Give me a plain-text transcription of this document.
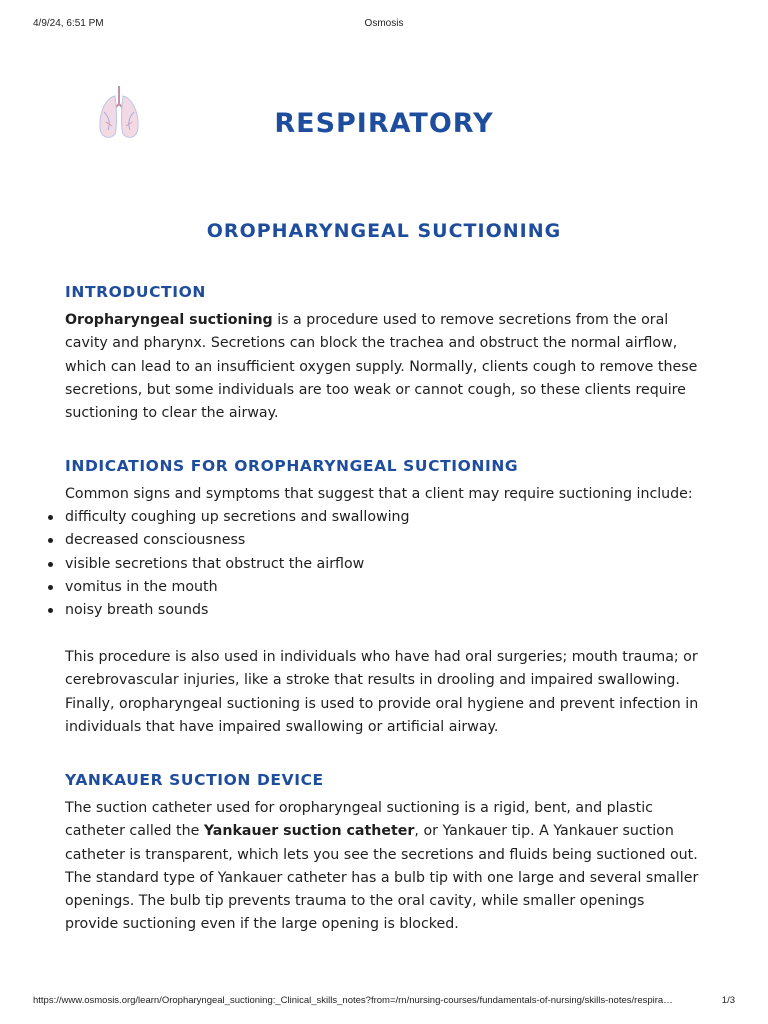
4/9/24, 6:51 PM	Osmosis
RESPIRATORY
OROPHARYNGEAL SUCTIONING
INTRODUCTION

Oropharyngeal suctioning is a procedure used to remove secretions from the oral cavity and pharynx. Secretions can block the trachea and obstruct the normal airflow, which can lead to an insufficient oxygen supply. Normally, clients cough to remove these secretions, but some individuals are too weak or cannot cough, so these clients require suctioning to clear the airway.

INDICATIONS FOR OROPHARYNGEAL SUCTIONING

Common signs and symptoms that suggest that a client may require suctioning include:

difficulty coughing up secretions and swallowing
decreased consciousness
visible secretions that obstruct the airflow
vomitus in the mouth
noisy breath sounds

This procedure is also used in individuals who have had oral surgeries; mouth trauma; or cerebrovascular injuries, like a stroke that results in drooling and impaired swallowing. Finally, oropharyngeal suctioning is used to provide oral hygiene and prevent infection in individuals that have impaired swallowing or artificial airway.

YANKAUER SUCTION DEVICE

The suction catheter used for oropharyngeal suctioning is a rigid, bent, and plastic catheter called the Yankauer suction catheter, or Yankauer tip. A Yankauer suction catheter is transparent, which lets you see the secretions and fluids being suctioned out. The standard type of Yankauer catheter has a bulb tip with one large and several smaller openings. The bulb tip prevents trauma to the oral cavity, while smaller openings provide suctioning even if the large opening is blocked.

https://www.osmosis.org/learn/Oropharyngeal_suctioning:_Clinical_skills_notes?from=/rn/nursing-courses/fundamentals-of-nursing/skills-notes/respira…	1/3
